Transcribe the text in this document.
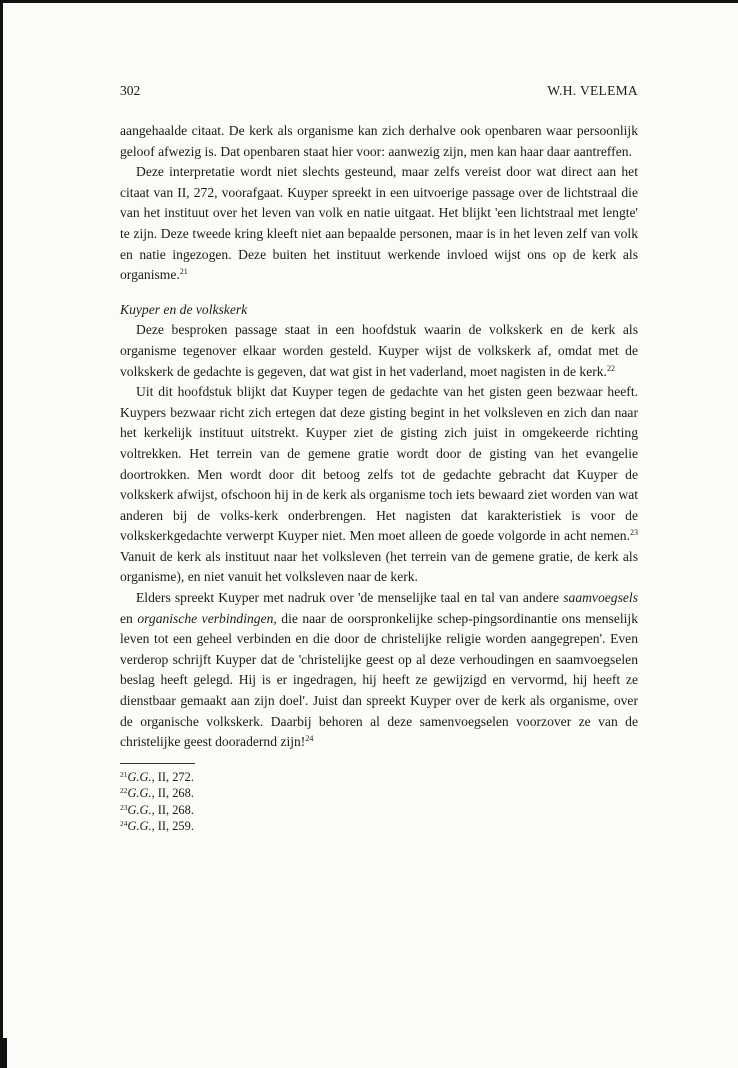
302	W.H. VELEMA

aangehaalde citaat. De kerk als organisme kan zich derhalve ook openbaren waar persoonlijk geloof afwezig is. Dat openbaren staat hier voor: aanwezig zijn, men kan haar daar aantreffen.

Deze interpretatie wordt niet slechts gesteund, maar zelfs vereist door wat direct aan het citaat van II, 272, voorafgaat. Kuyper spreekt in een uitvoerige passage over de lichtstraal die van het instituut over het leven van volk en natie uitgaat. Het blijkt 'een lichtstraal met lengte' te zijn. Deze tweede kring kleeft niet aan bepaalde personen, maar is in het leven zelf van volk en natie ingezogen. Deze buiten het instituut werkende invloed wijst ons op de kerk als organisme.$^{21}$

Kuyper en de volkskerk

Deze besproken passage staat in een hoofdstuk waarin de volkskerk en de kerk als organisme tegenover elkaar worden gesteld. Kuyper wijst de volkskerk af, omdat met de volkskerk de gedachte is gegeven, dat wat gist in het vaderland, moet nagisten in de kerk.$^{22}$

Uit dit hoofdstuk blijkt dat Kuyper tegen de gedachte van het gisten geen bezwaar heeft. Kuypers bezwaar richt zich ertegen dat deze gisting begint in het volksleven en zich dan naar het kerkelijk instituut uitstrekt. Kuyper ziet de gisting zich juist in omgekeerde richting voltrekken. Het terrein van de gemene gratie wordt door de gisting van het evangelie doortrokken. Men wordt door dit betoog zelfs tot de gedachte gebracht dat Kuyper de volkskerk afwijst, ofschoon hij in de kerk als organisme toch iets bewaard ziet worden van wat anderen bij de volks-kerk onderbrengen. Het nagisten dat karakteristiek is voor de volkskerkgedachte verwerpt Kuyper niet. Men moet alleen de goede volgorde in acht nemen.$^{23}$ Vanuit de kerk als instituut naar het volksleven (het terrein van de gemene gratie, de kerk als organisme), en niet vanuit het volksleven naar de kerk.

Elders spreekt Kuyper met nadruk over 'de menselijke taal en tal van andere saamvoegsels en organische verbindingen, die naar de oorspronkelijke schep-pingsordinantie ons menselijk leven tot een geheel verbinden en die door de christelijke religie worden aangegrepen'. Even verderop schrijft Kuyper dat de 'christelijke geest op al deze verhoudingen en saamvoegselen beslag heeft gelegd. Hij is er ingedragen, hij heeft ze gewijzigd en vervormd, hij heeft ze dienstbaar gemaakt aan zijn doel'. Juist dan spreekt Kuyper over de kerk als organisme, over de organische volkskerk. Daarbij behoren al deze samenvoegselen voorzover ze van de christelijke geest dooradernd zijn!$^{24}$

$^{21}$G.G., II, 272.
$^{22}$G.G., II, 268.
$^{23}$G.G., II, 268.
$^{24}$G.G., II, 259.
